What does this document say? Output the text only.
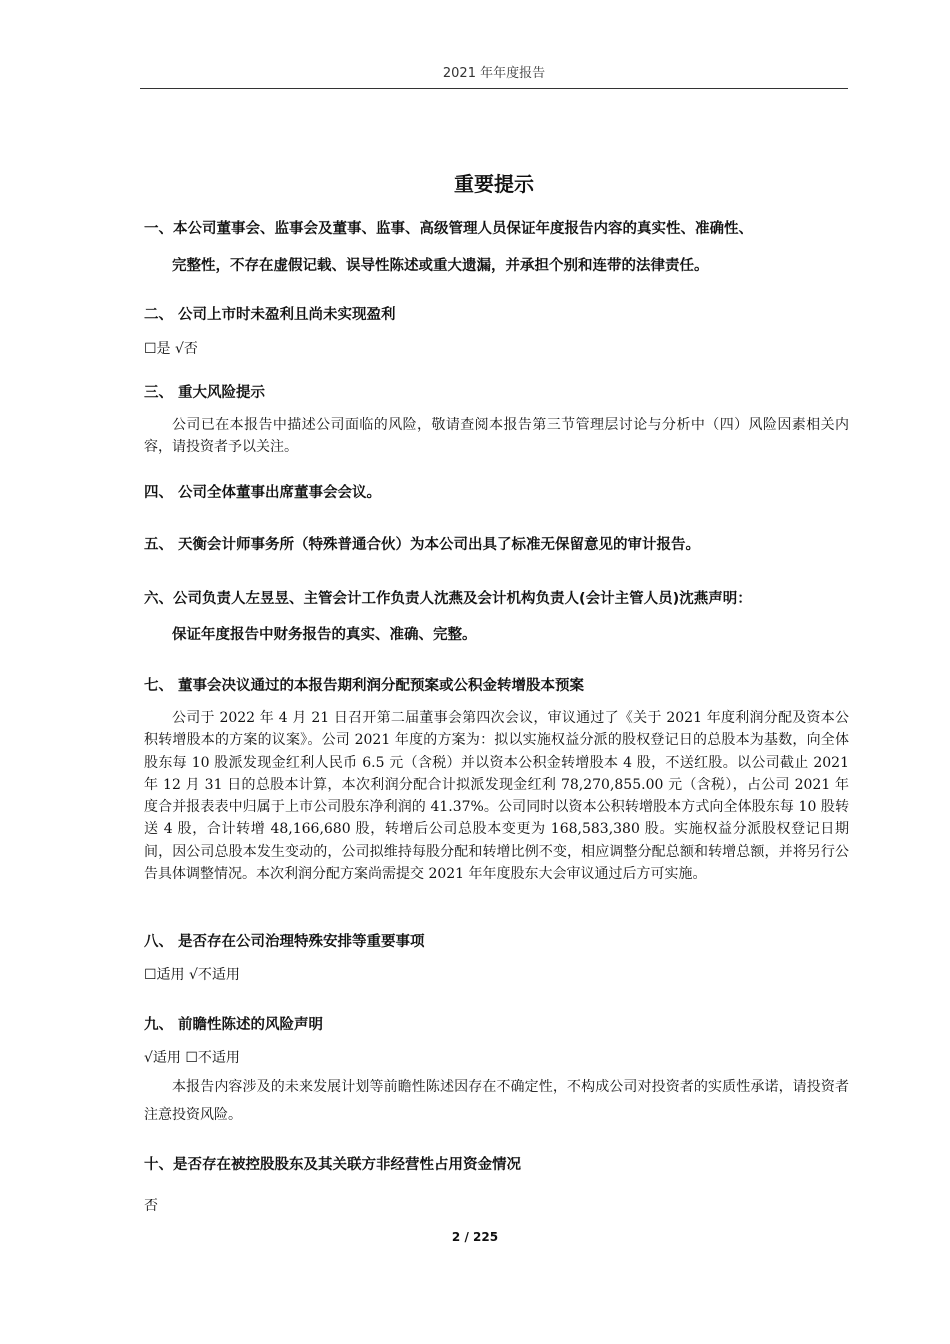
2021 年年度报告
重要提示
一、本公司董事会、监事会及董事、监事、高级管理人员保证年度报告内容的真实性、准确性、
完整性，不存在虚假记载、误导性陈述或重大遗漏，并承担个别和连带的法律责任。
二、 公司上市时未盈利且尚未实现盈利
☐是 √否
三、 重大风险提示
公司已在本报告中描述公司面临的风险，敬请查阅本报告第三节管理层讨论与分析中（四）风险因素相关内容，请投资者予以关注。
四、 公司全体董事出席董事会会议。
五、 天衡会计师事务所（特殊普通合伙）为本公司出具了标准无保留意见的审计报告。
六、公司负责人左昱昱、主管会计工作负责人沈燕及会计机构负责人(会计主管人员)沈燕声明：
保证年度报告中财务报告的真实、准确、完整。
七、 董事会决议通过的本报告期利润分配预案或公积金转增股本预案
公司于 2022 年 4 月 21 日召开第二届董事会第四次会议，审议通过了《关于 2021 年度利润分配及资本公积转增股本的方案的议案》。公司 2021 年度的方案为：拟以实施权益分派的股权登记日的总股本为基数，向全体股东每 10 股派发现金红利人民币 6.5 元（含税）并以资本公积金转增股本 4 股，不送红股。以公司截止 2021 年 12 月 31 日的总股本计算，本次利润分配合计拟派发现金红利 78,270,855.00 元（含税），占公司 2021 年度合并报表表中归属于上市公司股东净利润的 41.37%。公司同时以资本公积转增股本方式向全体股东每 10 股转送 4 股，合计转增 48,166,680 股，转增后公司总股本变更为 168,583,380 股。实施权益分派股权登记日期间，因公司总股本发生变动的，公司拟维持每股分配和转增比例不变，相应调整分配总额和转增总额，并将另行公告具体调整情况。本次利润分配方案尚需提交 2021 年年度股东大会审议通过后方可实施。
八、 是否存在公司治理特殊安排等重要事项
☐适用 √不适用
九、 前瞻性陈述的风险声明
√适用 ☐不适用
本报告内容涉及的未来发展计划等前瞻性陈述因存在不确定性，不构成公司对投资者的实质性承诺，请投资者注意投资风险。
十、是否存在被控股股东及其关联方非经营性占用资金情况
否
2 / 225
